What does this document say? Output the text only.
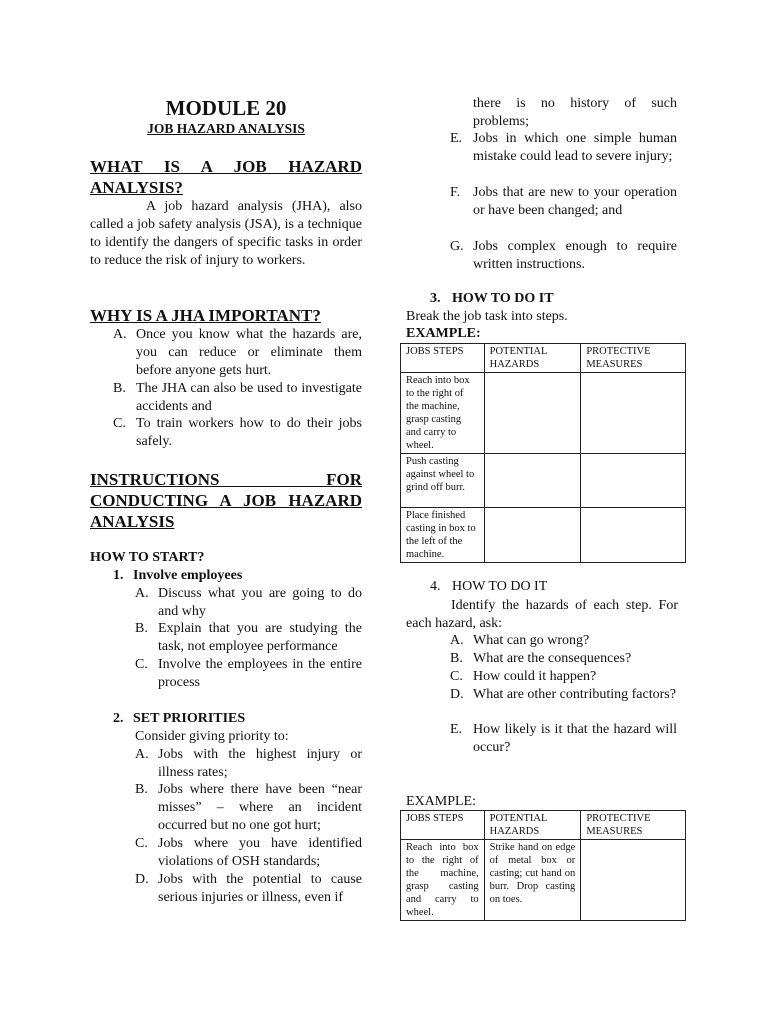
MODULE 20
JOB HAZARD ANALYSIS
WHAT IS A JOB HAZARD
ANALYSIS?
A job hazard analysis (JHA), also called a job safety analysis (JSA), is a technique to identify the dangers of specific tasks in order to reduce the risk of injury to workers.
WHY IS A JHA IMPORTANT?
A. Once you know what the hazards are, you can reduce or eliminate them before anyone gets hurt.
B. The JHA can also be used to investigate accidents and
C. To train workers how to do their jobs safely.
INSTRUCTIONS FOR
CONDUCTING A JOB HAZARD
ANALYSIS
HOW TO START?
1. Involve employees
A. Discuss what you are going to do and why
B. Explain that you are studying the task, not employee performance
C. Involve the employees in the entire process
2. SET PRIORITIES
Consider giving priority to:
A. Jobs with the highest injury or illness rates;
B. Jobs where there have been “near misses” – where an incident occurred but no one got hurt;
C. Jobs where you have identified violations of OSH standards;
D. Jobs with the potential to cause serious injuries or illness, even if
there is no history of such problems;
E. Jobs in which one simple human mistake could lead to severe injury;
F. Jobs that are new to your operation or have been changed; and
G. Jobs complex enough to require written instructions.
3. HOW TO DO IT
Break the job task into steps.
EXAMPLE:
JOBS STEPS	POTENTIAL HAZARDS	PROTECTIVE MEASURES
Reach into box to the right of the machine, grasp casting and carry to wheel.		
Push casting against wheel to grind off burr.		
Place finished casting in box to the left of the machine.		
4. HOW TO DO IT
Identify the hazards of each step. For each hazard, ask:
A. What can go wrong?
B. What are the consequences?
C. How could it happen?
D. What are other contributing factors?
E. How likely is it that the hazard will occur?
EXAMPLE:
JOBS STEPS	POTENTIAL HAZARDS	PROTECTIVE MEASURES
Reach into box to the right of the machine, grasp casting and carry to wheel.	Strike hand on edge of metal box or casting; cut hand on burr. Drop casting on toes.	
